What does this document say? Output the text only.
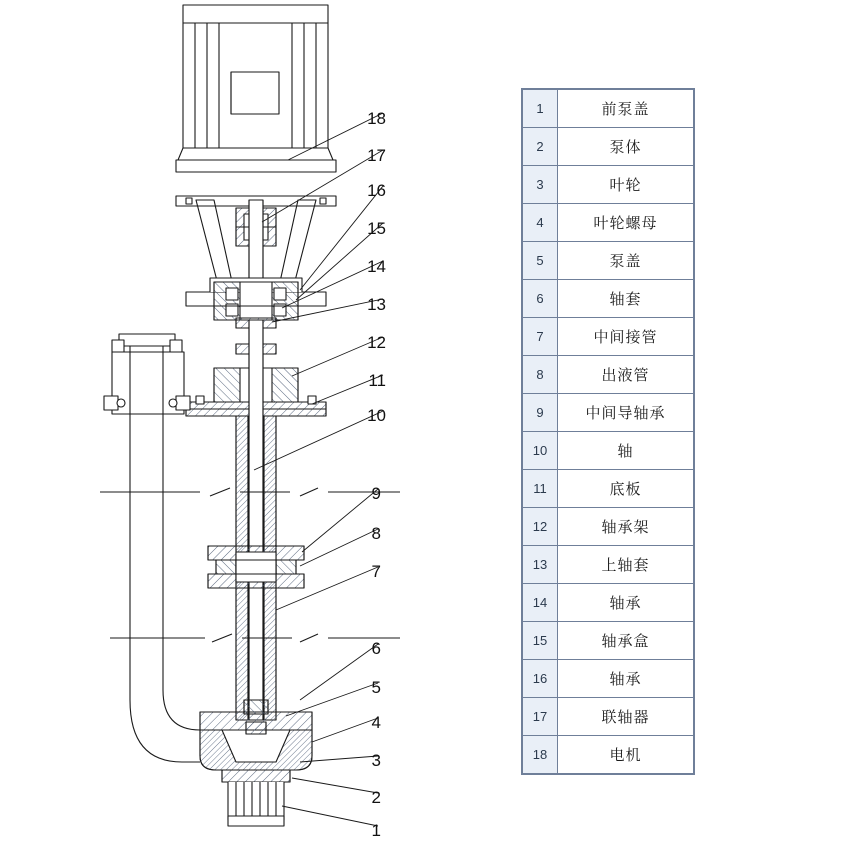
18
17
16
15
14
13
12
11
10
9
8
7
6
5
4
3
2
1
1	前泵盖
2	泵体
3	叶轮
4	叶轮螺母
5	泵盖
6	轴套
7	中间接管
8	出液管
9	中间导轴承
10	轴
11	底板
12	轴承架
13	上轴套
14	轴承
15	轴承盒
16	轴承
17	联轴器
18	电机
